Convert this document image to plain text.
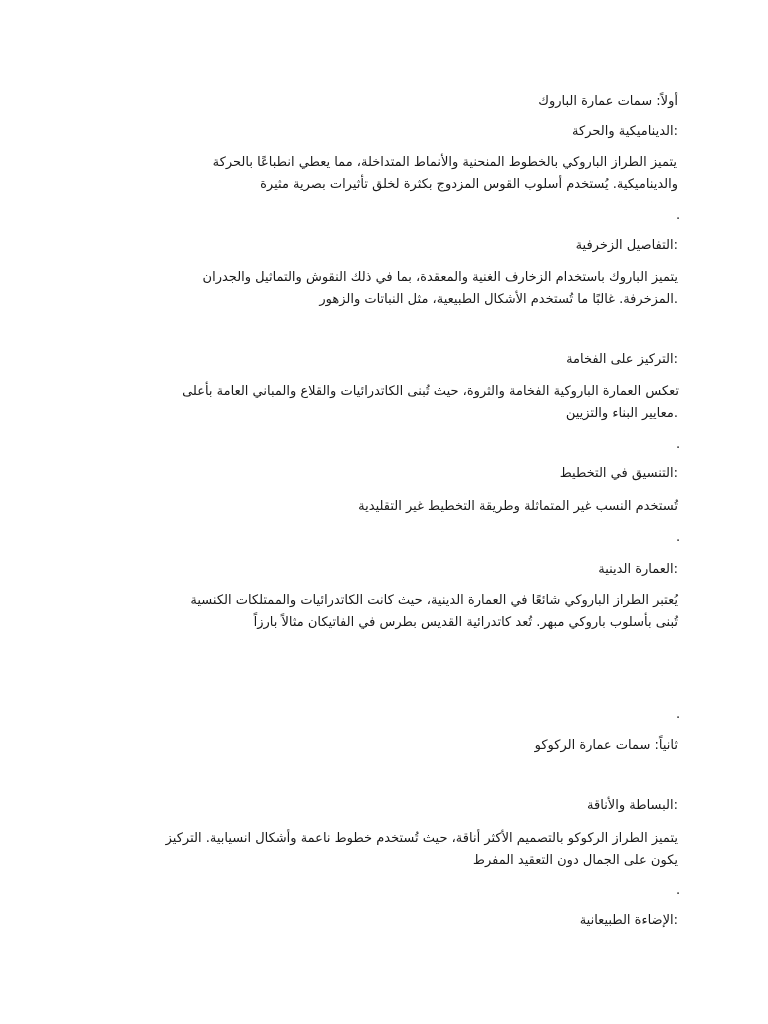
أولاً: سمات عمارة الباروك

:الديناميكية والحركة

يتميز الطراز الباروكي بالخطوط المنحنية والأنماط المتداخلة، مما يعطي انطباعًا بالحركة

والديناميكية. يُستخدم أسلوب القوس المزدوج بكثرة لخلق تأثيرات بصرية مثيرة

.

:التفاصيل الزخرفية

يتميز الباروك باستخدام الزخارف الغنية والمعقدة، بما في ذلك النقوش والتماثيل والجدران

.المزخرفة. غالبًا ما تُستخدم الأشكال الطبيعية، مثل النباتات والزهور

:التركيز على الفخامة

تعكس العمارة الباروكية الفخامة والثروة، حيث تُبنى الكاتدرائيات والقلاع والمباني العامة بأعلى

.معايير البناء والتزيين

.

:التنسيق في التخطيط

تُستخدم النسب غير المتماثلة وطريقة التخطيط غير التقليدية

.

:العمارة الدينية

يُعتبر الطراز الباروكي شائعًا في العمارة الدينية، حيث كانت الكاتدرائيات والممتلكات الكنسية

تُبنى بأسلوب باروكي مبهر. تُعد كاتدرائية القديس بطرس في الفاتيكان مثالاً بارزاً

.

ثانياً: سمات عمارة الركوكو

:البساطة والأناقة

يتميز الطراز الركوكو بالتصميم الأكثر أناقة، حيث تُستخدم خطوط ناعمة وأشكال انسيابية. التركيز

يكون على الجمال دون التعقيد المفرط

.

:الإضاءة الطبيعانية
